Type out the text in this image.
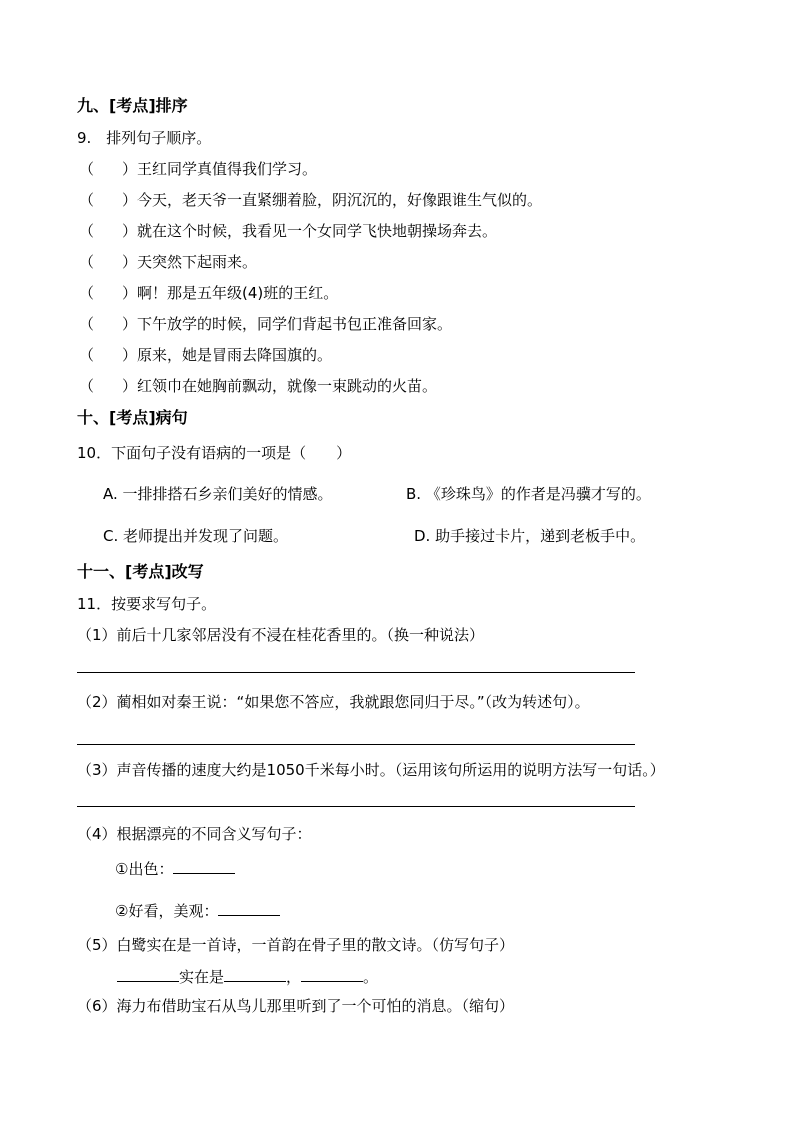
九、[考点]排序
9.　排列句子顺序。
（ ）王红同学真值得我们学习。
（ ）今天，老天爷一直紧绷着脸，阴沉沉的，好像跟谁生气似的。
（ ）就在这个时候，我看见一个女同学飞快地朝操场奔去。
（ ）天突然下起雨来。
（ ）啊！那是五年级(4)班的王红。
（ ）下午放学的时候，同学们背起书包正准备回家。
（ ）原来，她是冒雨去降国旗的。
（ ）红领巾在她胸前飘动，就像一束跳动的火苗。
十、[考点]病句
10．下面句子没有语病的一项是（　　）
A. 一排排搭石乡亲们美好的情感。	B. 《珍珠鸟》的作者是冯骥才写的。
C. 老师提出并发现了问题。	D. 助手接过卡片，递到老板手中。
十一、[考点]改写
11．按要求写句子。
（1）前后十几家邻居没有不浸在桂花香里的。（换一种说法）
（2）蔺相如对秦王说：“如果您不答应，我就跟您同归于尽。”（改为转述句）。
（3）声音传播的速度大约是1050千米每小时。（运用该句所运用的说明方法写一句话。）
（4）根据漂亮的不同含义写句子：
①出色：
②好看，美观：
（5）白鹭实在是一首诗，一首韵在骨子里的散文诗。（仿写句子）
实在是	，	。
（6）海力布借助宝石从鸟儿那里听到了一个可怕的消息。（缩句）
